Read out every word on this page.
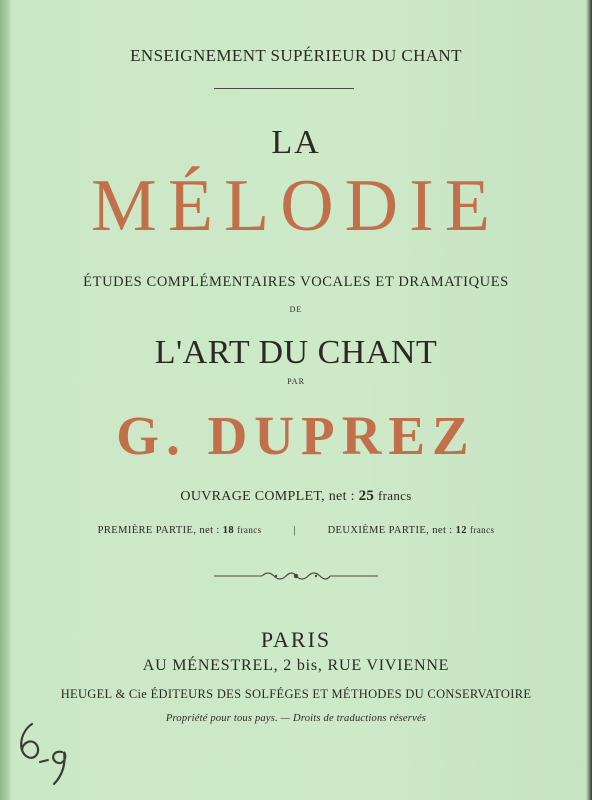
ENSEIGNEMENT SUPÉRIEUR DU CHANT
LA
MÉLODIE
ÉTUDES COMPLÉMENTAIRES VOCALES ET DRAMATIQUES
DE
L'ART DU CHANT
PAR
G. DUPREZ
OUVRAGE COMPLET, net : 25 francs
PREMIÈRE PARTIE, net : 18 francs	|	DEUXIÈME PARTIE, net : 12 francs
PARIS
AU MÉNESTREL, 2 bis, RUE VIVIENNE
HEUGEL & Cie ÉDITEURS DES SOLFÉGES ET MÉTHODES DU CONSERVATOIRE
Propriété pour tous pays. — Droits de traductions réservés
